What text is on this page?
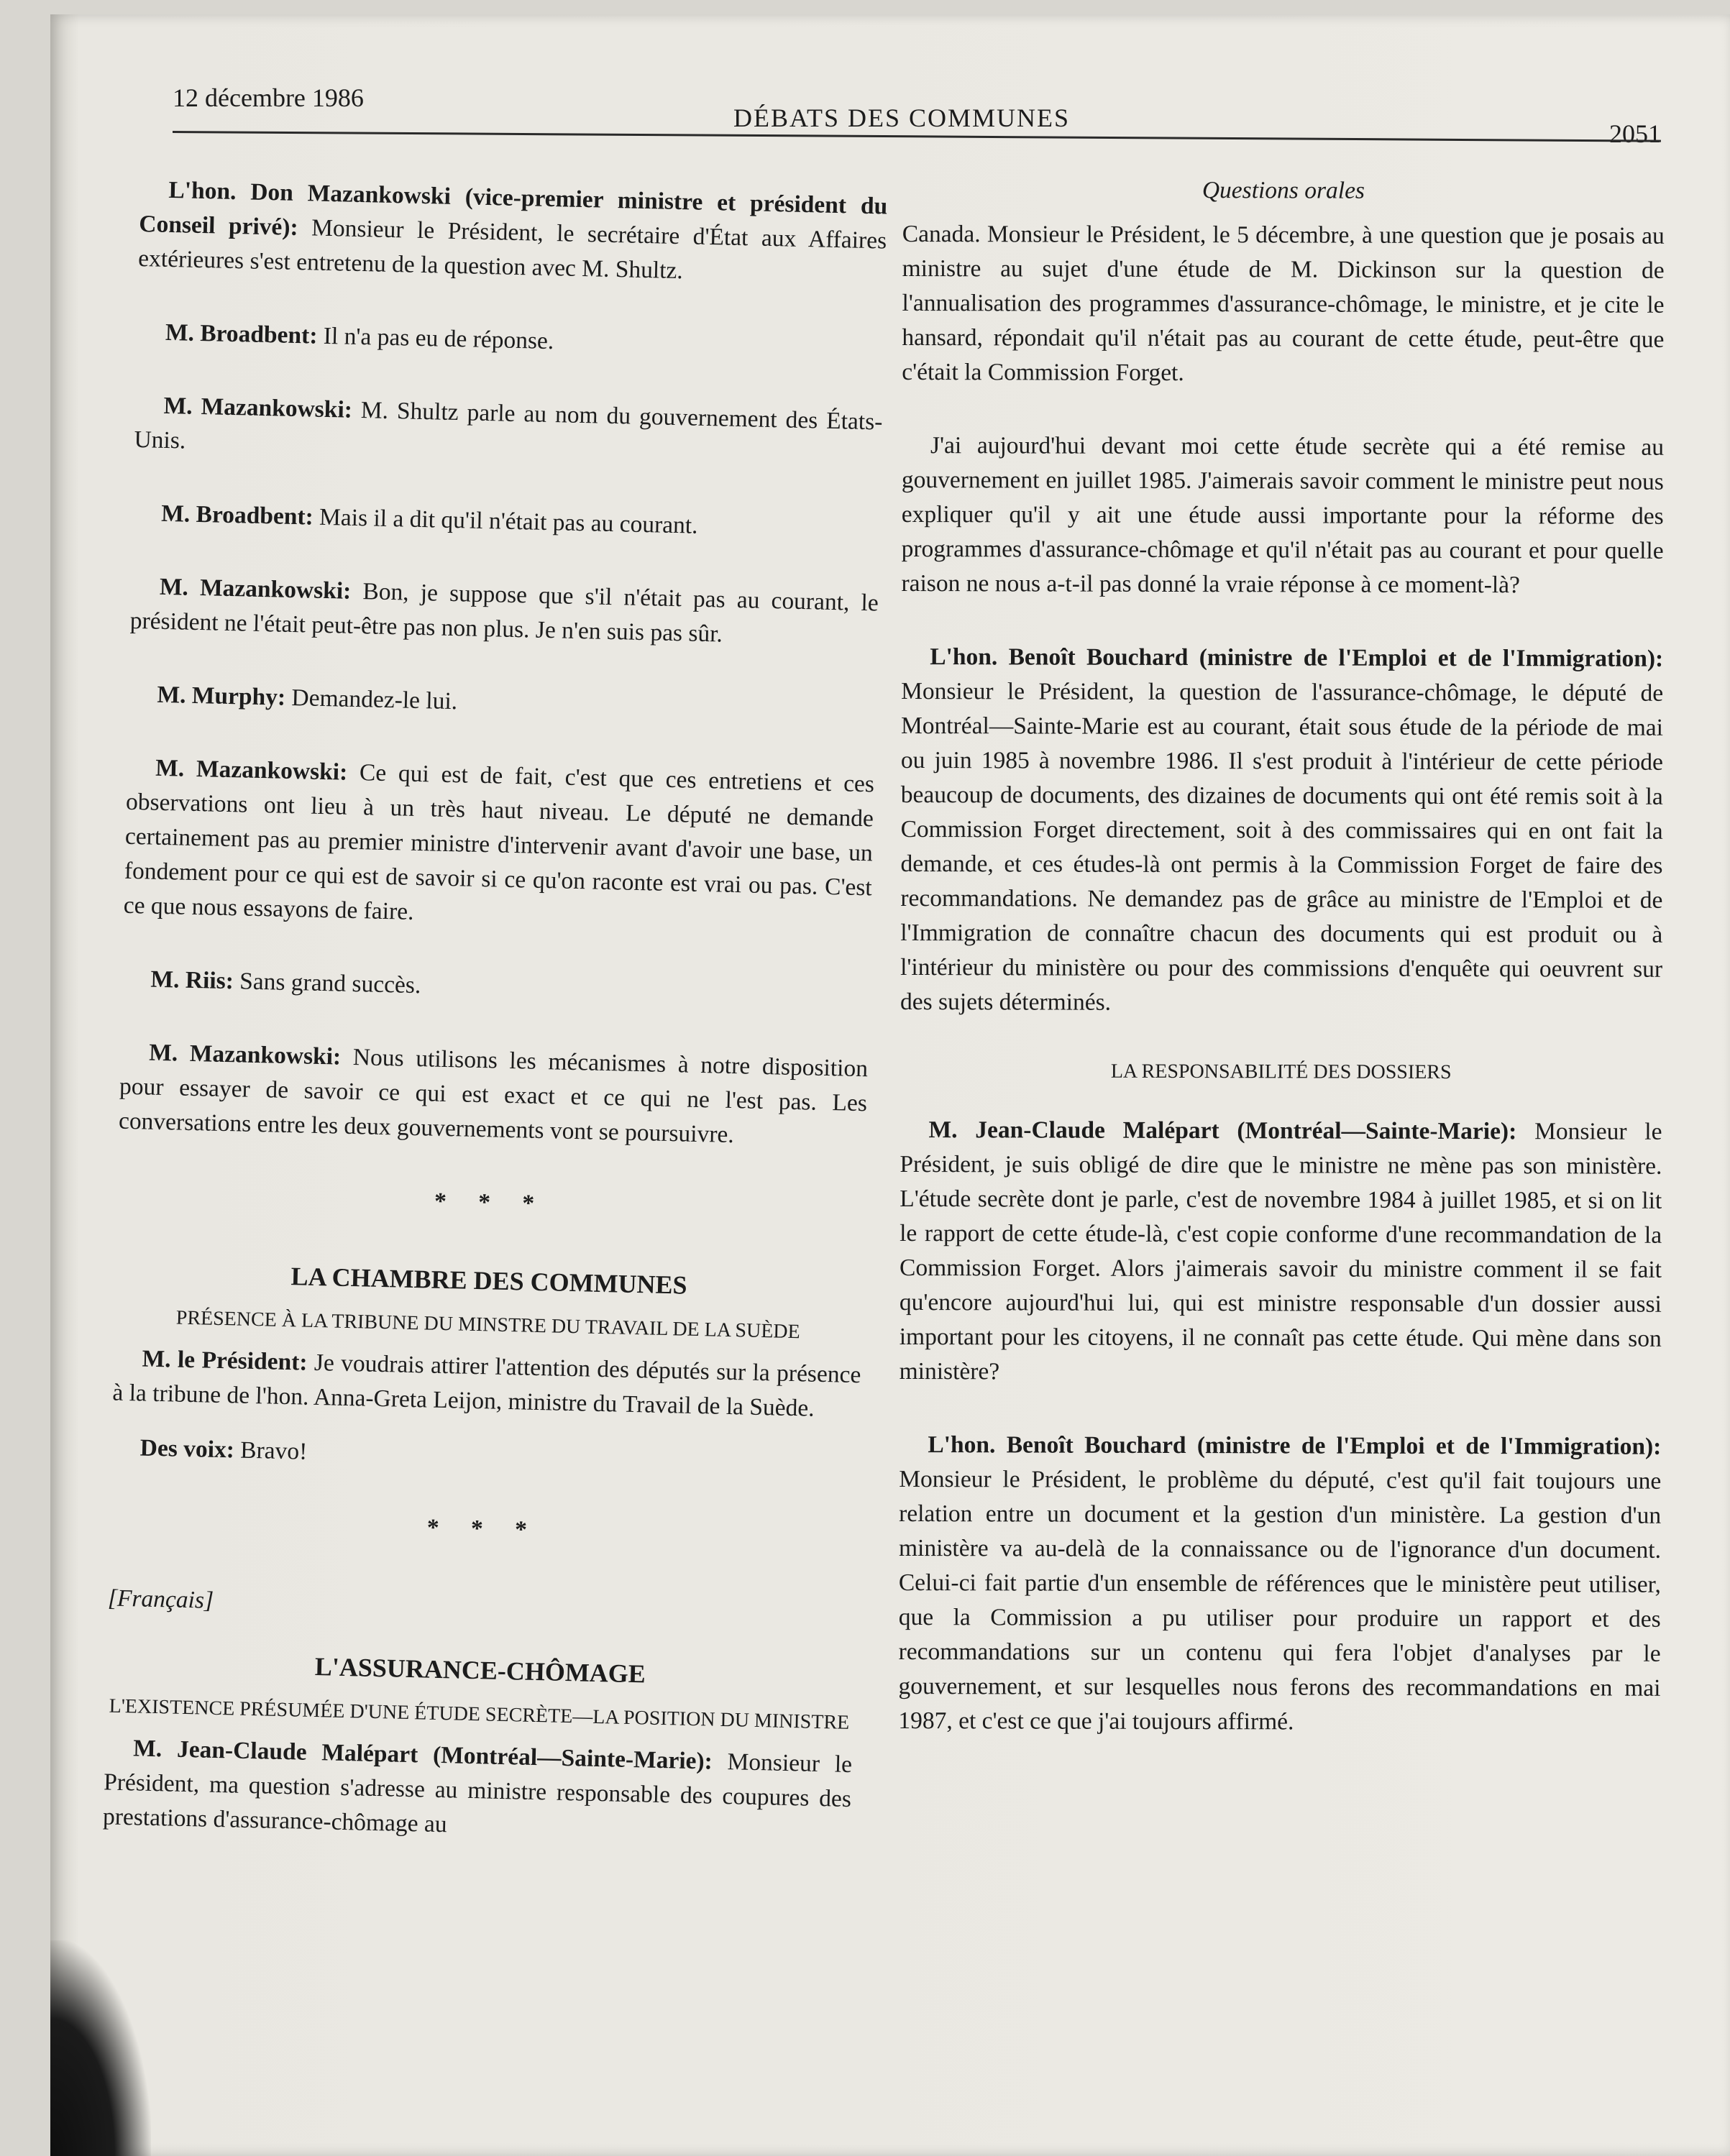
12 décembre 1986
DÉBATS DES COMMUNES
2051

L'hon. Don Mazankowski (vice-premier ministre et président du Conseil privé): Monsieur le Président, le secrétaire d'État aux Affaires extérieures s'est entretenu de la question avec M. Shultz.

M. Broadbent: Il n'a pas eu de réponse.

M. Mazankowski: M. Shultz parle au nom du gouvernement des États-Unis.

M. Broadbent: Mais il a dit qu'il n'était pas au courant.

M. Mazankowski: Bon, je suppose que s'il n'était pas au courant, le président ne l'était peut-être pas non plus. Je n'en suis pas sûr.

M. Murphy: Demandez-le lui.

M. Mazankowski: Ce qui est de fait, c'est que ces entretiens et ces observations ont lieu à un très haut niveau. Le député ne demande certainement pas au premier ministre d'intervenir avant d'avoir une base, un fondement pour ce qui est de savoir si ce qu'on raconte est vrai ou pas. C'est ce que nous essayons de faire.

M. Riis: Sans grand succès.

M. Mazankowski: Nous utilisons les mécanismes à notre disposition pour essayer de savoir ce qui est exact et ce qui ne l'est pas. Les conversations entre les deux gouvernements vont se poursuivre.

* * *
LA CHAMBRE DES COMMUNES
PRÉSENCE À LA TRIBUNE DU MINSTRE DU TRAVAIL DE LA SUÈDE

M. le Président: Je voudrais attirer l'attention des députés sur la présence à la tribune de l'hon. Anna-Greta Leijon, ministre du Travail de la Suède.

Des voix: Bravo!

* * *
[Français]
L'ASSURANCE-CHÔMAGE
L'EXISTENCE PRÉSUMÉE D'UNE ÉTUDE SECRÈTE—LA POSITION DU MINISTRE

M. Jean-Claude Malépart (Montréal—Sainte-Marie): Monsieur le Président, ma question s'adresse au ministre responsable des coupures des prestations d'assurance-chômage au

Questions orales

Canada. Monsieur le Président, le 5 décembre, à une question que je posais au ministre au sujet d'une étude de M. Dickinson sur la question de l'annualisation des programmes d'assurance-chômage, le ministre, et je cite le hansard, répondait qu'il n'était pas au courant de cette étude, peut-être que c'était la Commission Forget.

J'ai aujourd'hui devant moi cette étude secrète qui a été remise au gouvernement en juillet 1985. J'aimerais savoir comment le ministre peut nous expliquer qu'il y ait une étude aussi importante pour la réforme des programmes d'assurance-chômage et qu'il n'était pas au courant et pour quelle raison ne nous a-t-il pas donné la vraie réponse à ce moment-là?

L'hon. Benoît Bouchard (ministre de l'Emploi et de l'Immigration): Monsieur le Président, la question de l'assurance-chômage, le député de Montréal—Sainte-Marie est au courant, était sous étude de la période de mai ou juin 1985 à novembre 1986. Il s'est produit à l'intérieur de cette période beaucoup de documents, des dizaines de documents qui ont été remis soit à la Commission Forget directement, soit à des commissaires qui en ont fait la demande, et ces études-là ont permis à la Commission Forget de faire des recommandations. Ne demandez pas de grâce au ministre de l'Emploi et de l'Immigration de connaître chacun des documents qui est produit ou à l'intérieur du ministère ou pour des commissions d'enquête qui oeuvrent sur des sujets déterminés.

LA RESPONSABILITÉ DES DOSSIERS

M. Jean-Claude Malépart (Montréal—Sainte-Marie): Monsieur le Président, je suis obligé de dire que le ministre ne mène pas son ministère. L'étude secrète dont je parle, c'est de novembre 1984 à juillet 1985, et si on lit le rapport de cette étude-là, c'est copie conforme d'une recommandation de la Commission Forget. Alors j'aimerais savoir du ministre comment il se fait qu'encore aujourd'hui lui, qui est ministre responsable d'un dossier aussi important pour les citoyens, il ne connaît pas cette étude. Qui mène dans son ministère?

L'hon. Benoît Bouchard (ministre de l'Emploi et de l'Immigration): Monsieur le Président, le problème du député, c'est qu'il fait toujours une relation entre un document et la gestion d'un ministère. La gestion d'un ministère va au-delà de la connaissance ou de l'ignorance d'un document. Celui-ci fait partie d'un ensemble de références que le ministère peut utiliser, que la Commission a pu utiliser pour produire un rapport et des recommandations sur un contenu qui fera l'objet d'analyses par le gouvernement, et sur lesquelles nous ferons des recommandations en mai 1987, et c'est ce que j'ai toujours affirmé.
